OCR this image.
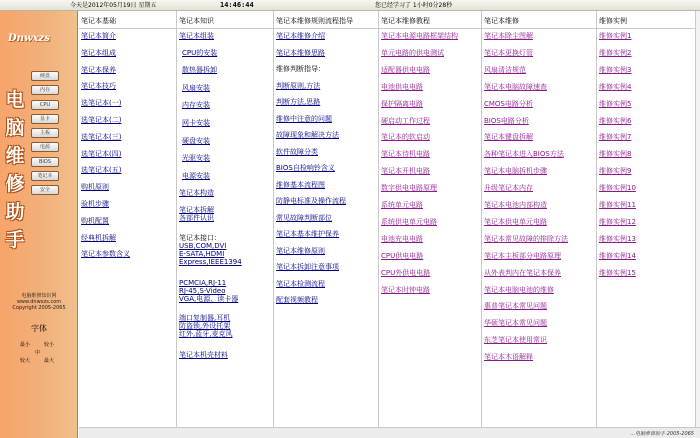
今天是2012年05月19日 星期五	14:46:44	您已经学习了 1小时0分28秒
Dnwxzs
电
脑
维
修
助
手
硬盘
内存
CPU
显卡
主板
电源
BIOS
笔记本
安全
电脑维修知识网
www.dnwxzs.com
Copyright 2005-2065
字体
最小	较小
中
较大	最大
笔记本基础
笔记本简介
笔记本组成
笔记本保养
笔记本技巧
选笔记本(一)
选笔记本(二)
选笔记本(三)
选笔记本(四)
选笔记本(五)
购机原则
验机步骤
购机配置
经典机拆解
笔记本参数含义
笔记本知识
笔记本组装
CPU的安装
散热器拆卸
风扇安装
内存安装
网卡安装
硬盘安装
光驱安装
电源安装
笔记本构造
笔记本拆解
各部件认识
笔记本接口：
USB,COM,DVI
E-SATA,HDMI
Express,IEEE1394
PCMCIA,RJ-11
RJ-45,S-Video
VGA,电源、读卡器
端口复制器,耳机
防盗锁,外设托架
红外,蓝牙,麦克风
笔记本机壳材料
笔记本维修规则流程指导
笔记本维修介绍
笔记本维修思路
维修判断指导：
判断原则,方法
判断方法,思路
维修中注意的问题
故障现象和解决方法
软件故障分类
BIOS自检响铃含义
维修基本流程图
防静电标准及操作流程
常见故障判断部位
笔记本基本维护保养
笔记本维修原则
笔记本拆卸注意事项
笔记本检测流程
配套视频教程
笔记本维修教程
笔记本电源电路框架结构
单元电路的供电测试
适配器供电电路
电池供电电路
保护隔离电路
硬启动工作过程
笔记本的软启动
笔记本待机电路
笔记本开机电路
数字供电电路原理
系统单元电路
系统供电单元电路
电池充电电路
CPU供电电路
CPU外供电电路
笔记本时钟电路
笔记本维修
笔记本除尘图解
笔记本更换灯管
风扇清洁规范
笔记本电脑故障速查
CMOS电路分析
BIOS电路分析
笔记本键盘拆解
各种笔记本进入BIOS方法
笔记本电脑拆机步骤
升级笔记本内存
笔记本电池内部构造
笔记本供电单元电路
笔记本常见故障的排除方法
笔记本主板部分电路原理
从外表判内在笔记本保养
笔记本电脑电池的维修
惠普笔记本常见问题
华硕笔记本常见问题
东芝笔记本使用常识
笔记本木语解释
维修实例
维修实例1
维修实例2
维修实例3
维修实例4
维修实例5
维修实例6
维修实例7
维修实例8
维修实例9
维修实例10
维修实例11
维修实例12
维修实例13
维修实例14
维修实例15
...电脑维修助手 2005-2065
